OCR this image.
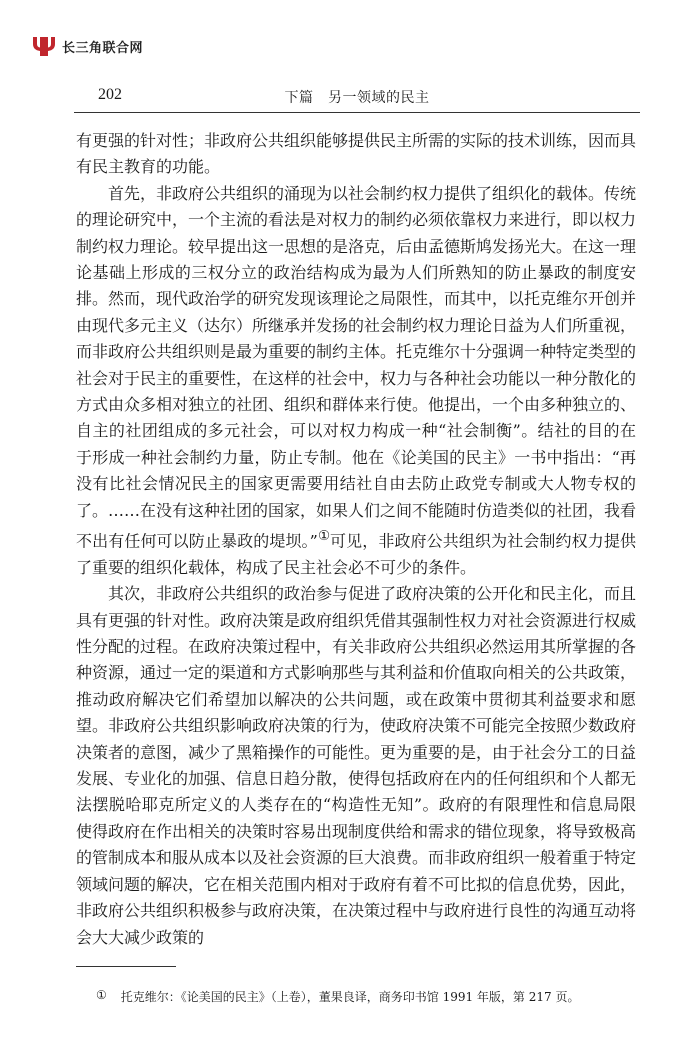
长三角联合网
202	下篇　另一领域的民主

有更强的针对性；非政府公共组织能够提供民主所需的实际的技术训练，因而具有民主教育的功能。

首先，非政府公共组织的涌现为以社会制约权力提供了组织化的载体。传统的理论研究中，一个主流的看法是对权力的制约必须依靠权力来进行，即以权力制约权力理论。较早提出这一思想的是洛克，后由孟德斯鸠发扬光大。在这一理论基础上形成的三权分立的政治结构成为最为人们所熟知的防止暴政的制度安排。然而，现代政治学的研究发现该理论之局限性，而其中，以托克维尔开创并由现代多元主义（达尔）所继承并发扬的社会制约权力理论日益为人们所重视，而非政府公共组织则是最为重要的制约主体。托克维尔十分强调一种特定类型的社会对于民主的重要性，在这样的社会中，权力与各种社会功能以一种分散化的方式由众多相对独立的社团、组织和群体来行使。他提出，一个由多种独立的、自主的社团组成的多元社会，可以对权力构成一种“社会制衡”。结社的目的在于形成一种社会制约力量，防止专制。他在《论美国的民主》一书中指出：“再没有比社会情况民主的国家更需要用结社自由去防止政党专制或大人物专权的了。……在没有这种社团的国家，如果人们之间不能随时仿造类似的社团，我看不出有任何可以防止暴政的堤坝。”①可见，非政府公共组织为社会制约权力提供了重要的组织化载体，构成了民主社会必不可少的条件。

其次，非政府公共组织的政治参与促进了政府决策的公开化和民主化，而且具有更强的针对性。政府决策是政府组织凭借其强制性权力对社会资源进行权威性分配的过程。在政府决策过程中，有关非政府公共组织必然运用其所掌握的各种资源，通过一定的渠道和方式影响那些与其利益和价值取向相关的公共政策，推动政府解决它们希望加以解决的公共问题，或在政策中贯彻其利益要求和愿望。非政府公共组织影响政府决策的行为，使政府决策不可能完全按照少数政府决策者的意图，减少了黑箱操作的可能性。更为重要的是，由于社会分工的日益发展、专业化的加强、信息日趋分散，使得包括政府在内的任何组织和个人都无法摆脱哈耶克所定义的人类存在的“构造性无知”。政府的有限理性和信息局限使得政府在作出相关的决策时容易出现制度供给和需求的错位现象，将导致极高的管制成本和服从成本以及社会资源的巨大浪费。而非政府组织一般着重于特定领域问题的解决，它在相关范围内相对于政府有着不可比拟的信息优势，因此，非政府公共组织积极参与政府决策，在决策过程中与政府进行良性的沟通互动将会大大减少政策的

① 托克维尔：《论美国的民主》（上卷），董果良译，商务印书馆 1991 年版，第 217 页。
